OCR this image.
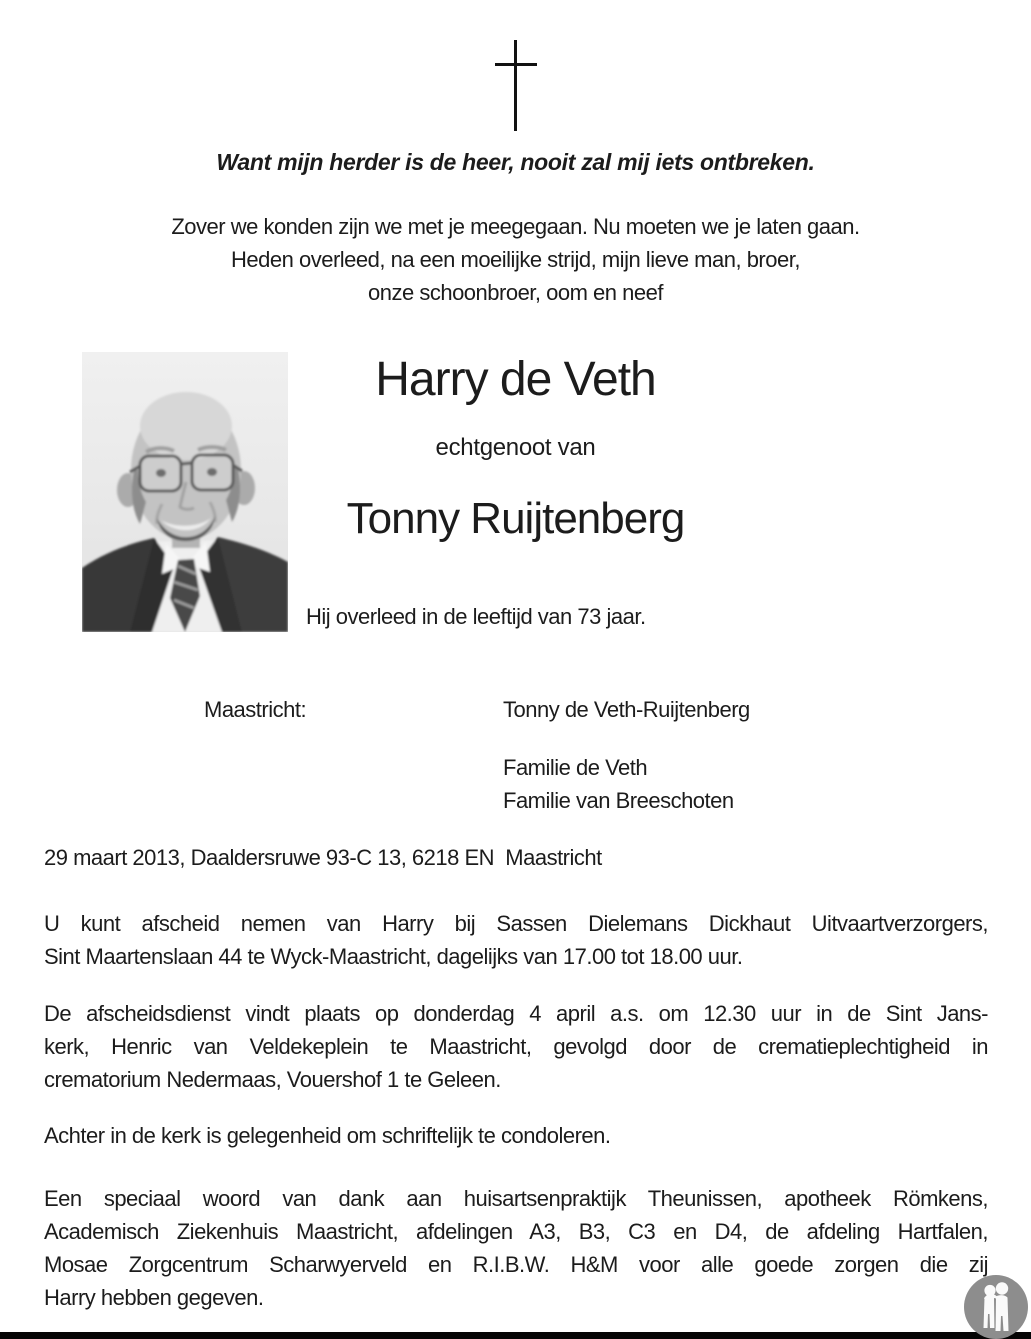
Want mijn herder is de heer, nooit zal mij iets ontbreken.
Zover we konden zijn we met je meegegaan. Nu moeten we je laten gaan.
Heden overleed, na een moeilijke strijd, mijn lieve man, broer,
onze schoonbroer, oom en neef
Harry de Veth
echtgenoot van
Tonny Ruijtenberg
Hij overleed in de leeftijd van 73 jaar.
Maastricht:	Tonny de Veth-Ruijtenberg
Familie de Veth
Familie van Breeschoten
29 maart 2013, Daaldersruwe 93-C 13, 6218 EN  Maastricht
U kunt afscheid nemen van Harry bij Sassen Dielemans Dickhaut Uitvaartverzorgers,
Sint Maartenslaan 44 te Wyck-Maastricht, dagelijks van 17.00 tot 18.00 uur.
De afscheidsdienst vindt plaats op donderdag 4 april a.s. om 12.30 uur in de Sint Jans-
kerk, Henric van Veldekeplein te Maastricht, gevolgd door de crematieplechtigheid in
crematorium Nedermaas, Vouershof 1 te Geleen.
Achter in de kerk is gelegenheid om schriftelijk te condoleren.
Een speciaal woord van dank aan huisartsenpraktijk Theunissen, apotheek Römkens,
Academisch Ziekenhuis Maastricht, afdelingen A3, B3, C3 en D4, de afdeling Hartfalen,
Mosae Zorgcentrum Scharwyerveld en R.I.B.W. H&M voor alle goede zorgen die zij
Harry hebben gegeven.
